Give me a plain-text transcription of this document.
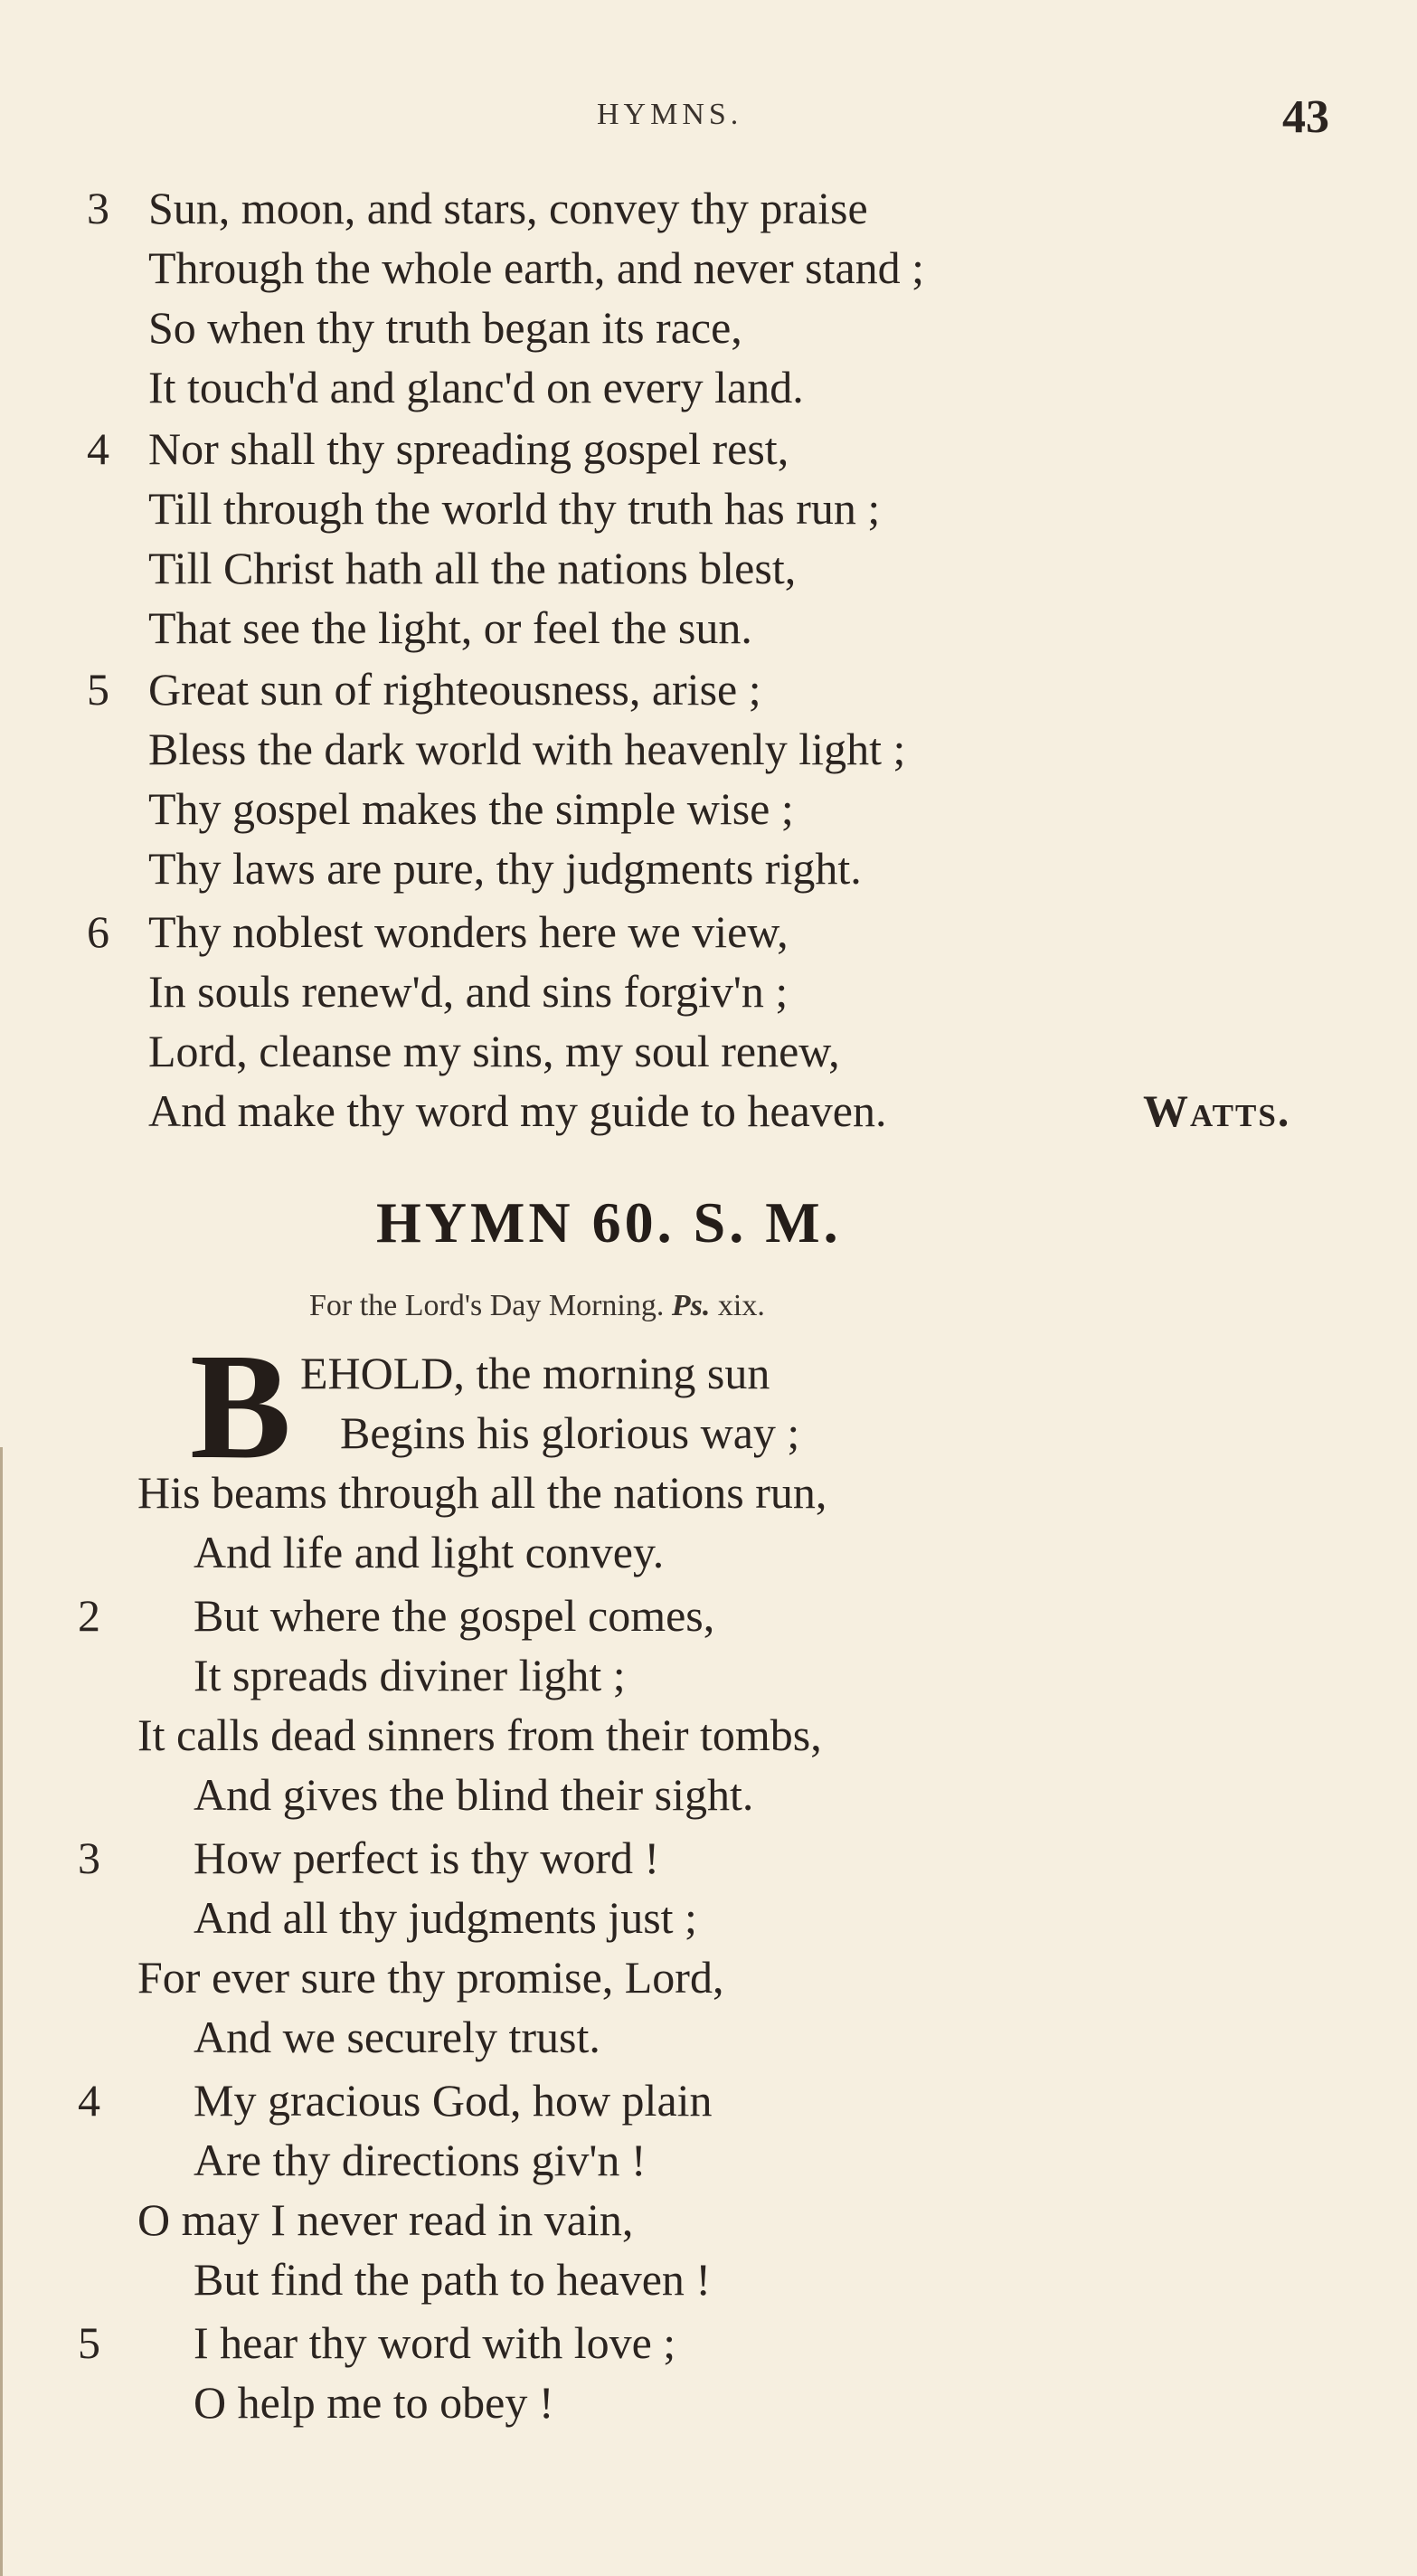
HYMNS.	43
3 Sun, moon, and stars, convey thy praise
Through the whole earth, and never stand ;
So when thy truth began its race,
It touch'd and glanc'd on every land.
4 Nor shall thy spreading gospel rest,
Till through the world thy truth has run ;
Till Christ hath all the nations blest,
That see the light, or feel the sun.
5 Great sun of righteousness, arise ;
Bless the dark world with heavenly light ;
Thy gospel makes the simple wise ;
Thy laws are pure, thy judgments right.
6 Thy noblest wonders here we view,
In souls renew'd, and sins forgiv'n ;
Lord, cleanse my sins, my soul renew,
And make thy word my guide to heaven.	Watts.
HYMN 60. S. M.
For the Lord's Day Morning. Ps. xix.
B EHOLD, the morning sun
Begins his glorious way ;
His beams through all the nations run,
And life and light convey.
2 But where the gospel comes,
It spreads diviner light ;
It calls dead sinners from their tombs,
And gives the blind their sight.
3 How perfect is thy word !
And all thy judgments just ;
For ever sure thy promise, Lord,
And we securely trust.
4 My gracious God, how plain
Are thy directions giv'n !
O may I never read in vain,
But find the path to heaven !
5 I hear thy word with love ;
O help me to obey !
